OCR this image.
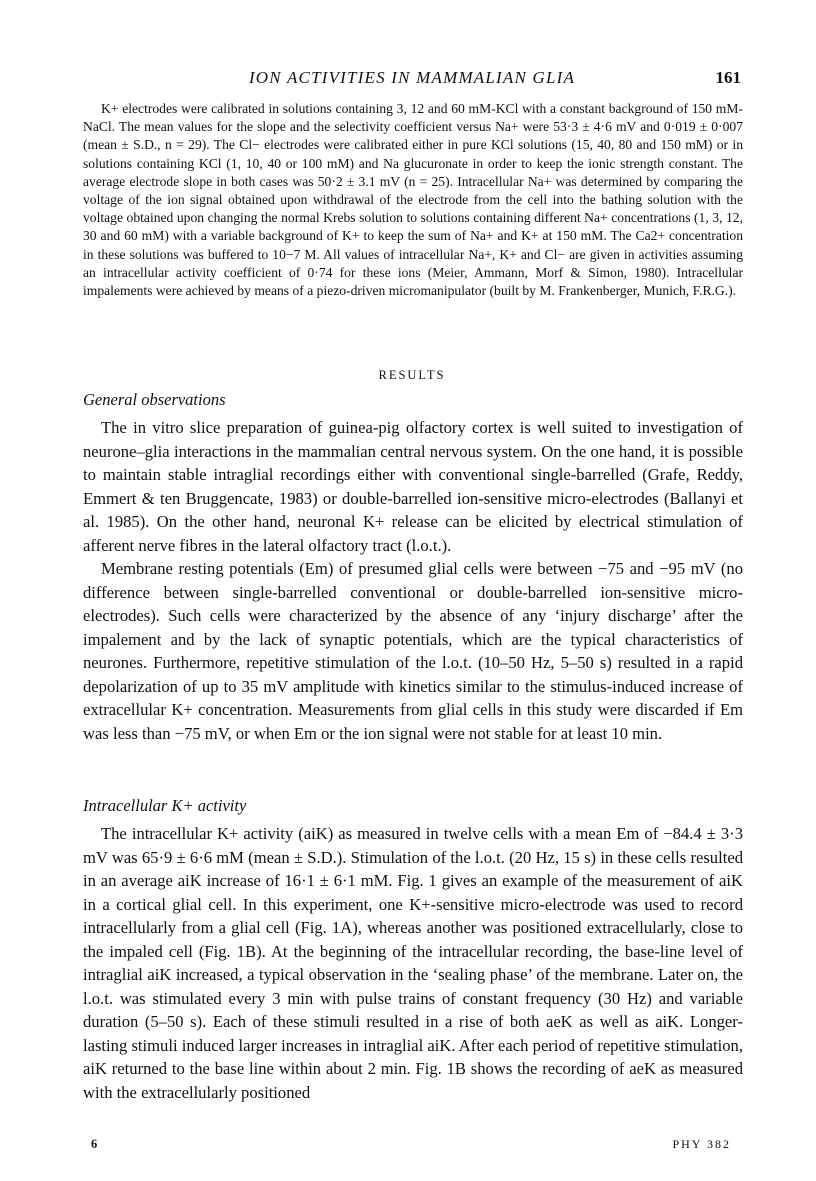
ION ACTIVITIES IN MAMMALIAN GLIA	161

K+ electrodes were calibrated in solutions containing 3, 12 and 60 mM-KCl with a constant background of 150 mM-NaCl. The mean values for the slope and the selectivity coefficient versus Na+ were 53·3 ± 4·6 mV and 0·019 ± 0·007 (mean ± S.D., n = 29). The Cl− electrodes were calibrated either in pure KCl solutions (15, 40, 80 and 150 mM) or in solutions containing KCl (1, 10, 40 or 100 mM) and Na glucuronate in order to keep the ionic strength constant. The average electrode slope in both cases was 50·2 ± 3.1 mV (n = 25). Intracellular Na+ was determined by comparing the voltage of the ion signal obtained upon withdrawal of the electrode from the cell into the bathing solution with the voltage obtained upon changing the normal Krebs solution to solutions containing different Na+ concentrations (1, 3, 12, 30 and 60 mM) with a variable background of K+ to keep the sum of Na+ and K+ at 150 mM. The Ca2+ concentration in these solutions was buffered to 10−7 M. All values of intracellular Na+, K+ and Cl− are given in activities assuming an intracellular activity coefficient of 0·74 for these ions (Meier, Ammann, Morf & Simon, 1980). Intracellular impalements were achieved by means of a piezo-driven micromanipulator (built by M. Frankenberger, Munich, F.R.G.).

RESULTS
General observations

The in vitro slice preparation of guinea-pig olfactory cortex is well suited to investigation of neurone–glia interactions in the mammalian central nervous system. On the one hand, it is possible to maintain stable intraglial recordings either with conventional single-barrelled (Grafe, Reddy, Emmert & ten Bruggencate, 1983) or double-barrelled ion-sensitive micro-electrodes (Ballanyi et al. 1985). On the other hand, neuronal K+ release can be elicited by electrical stimulation of afferent nerve fibres in the lateral olfactory tract (l.o.t.).

Membrane resting potentials (Em) of presumed glial cells were between −75 and −95 mV (no difference between single-barrelled conventional or double-barrelled ion-sensitive micro-electrodes). Such cells were characterized by the absence of any ‘injury discharge’ after the impalement and by the lack of synaptic potentials, which are the typical characteristics of neurones. Furthermore, repetitive stimulation of the l.o.t. (10–50 Hz, 5–50 s) resulted in a rapid depolarization of up to 35 mV amplitude with kinetics similar to the stimulus-induced increase of extracellular K+ concentration. Measurements from glial cells in this study were discarded if Em was less than −75 mV, or when Em or the ion signal were not stable for at least 10 min.

Intracellular K+ activity

The intracellular K+ activity (aiK) as measured in twelve cells with a mean Em of −84.4 ± 3·3 mV was 65·9 ± 6·6 mM (mean ± S.D.). Stimulation of the l.o.t. (20 Hz, 15 s) in these cells resulted in an average aiK increase of 16·1 ± 6·1 mM. Fig. 1 gives an example of the measurement of aiK in a cortical glial cell. In this experiment, one K+-sensitive micro-electrode was used to record intracellularly from a glial cell (Fig. 1A), whereas another was positioned extracellularly, close to the impaled cell (Fig. 1B). At the beginning of the intracellular recording, the base-line level of intraglial aiK increased, a typical observation in the ‘sealing phase’ of the membrane. Later on, the l.o.t. was stimulated every 3 min with pulse trains of constant frequency (30 Hz) and variable duration (5–50 s). Each of these stimuli resulted in a rise of both aeK as well as aiK. Longer-lasting stimuli induced larger increases in intraglial aiK. After each period of repetitive stimulation, aiK returned to the base line within about 2 min. Fig. 1B shows the recording of aeK as measured with the extracellularly positioned

6	PHY 382
